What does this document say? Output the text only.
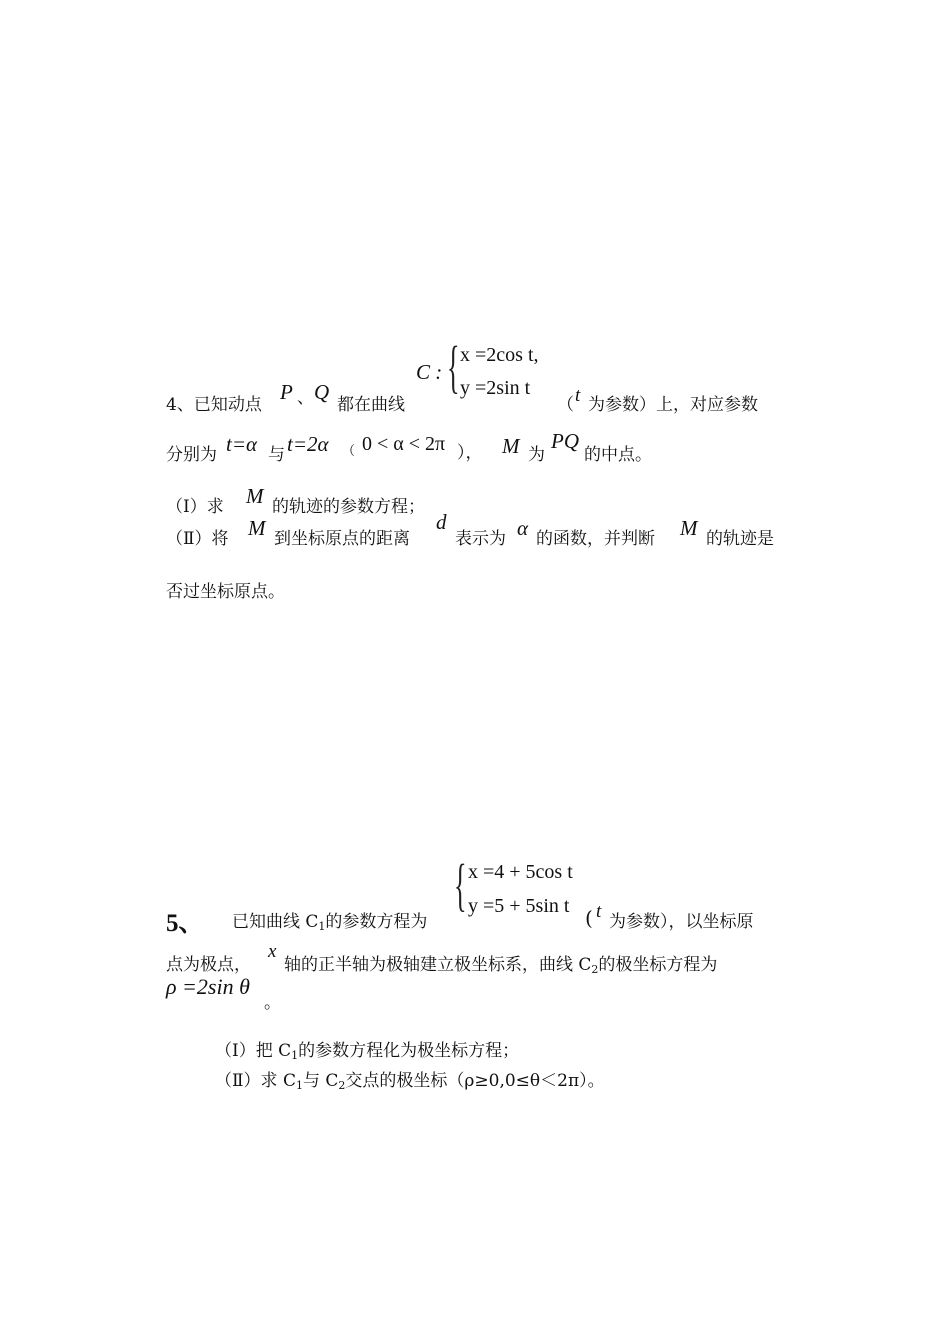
C : { x =2cos t,
y =2sin t
4、已知动点
P 、 Q
都在曲线	（ t 为参数）上，对应参数
分别为 t=α 与 t=2α （ 0 < α < 2π ）， M 为
PQ
的中点。
（Ⅰ）求 M 的轨迹的参数方程；
（Ⅱ）将 M 到坐标原点的距离
d
表示为 α 的函数，并判断 M 的轨迹是
否过坐标原点。
{ x =4 + 5cos t
y =5 + 5sin t
5、 已知曲线 $C_1$的参数方程为	( t 为参数），以坐标原
点为极点，
x
轴的正半轴为极轴建立极坐标系，曲线 $C_2$的极坐标方程为
ρ =2sin θ
。
（Ⅰ）把 $C_1$的参数方程化为极坐标方程；
（Ⅱ）求 $C_1$与 $C_2$交点的极坐标（ρ≥0,0≤θ＜2π）。
